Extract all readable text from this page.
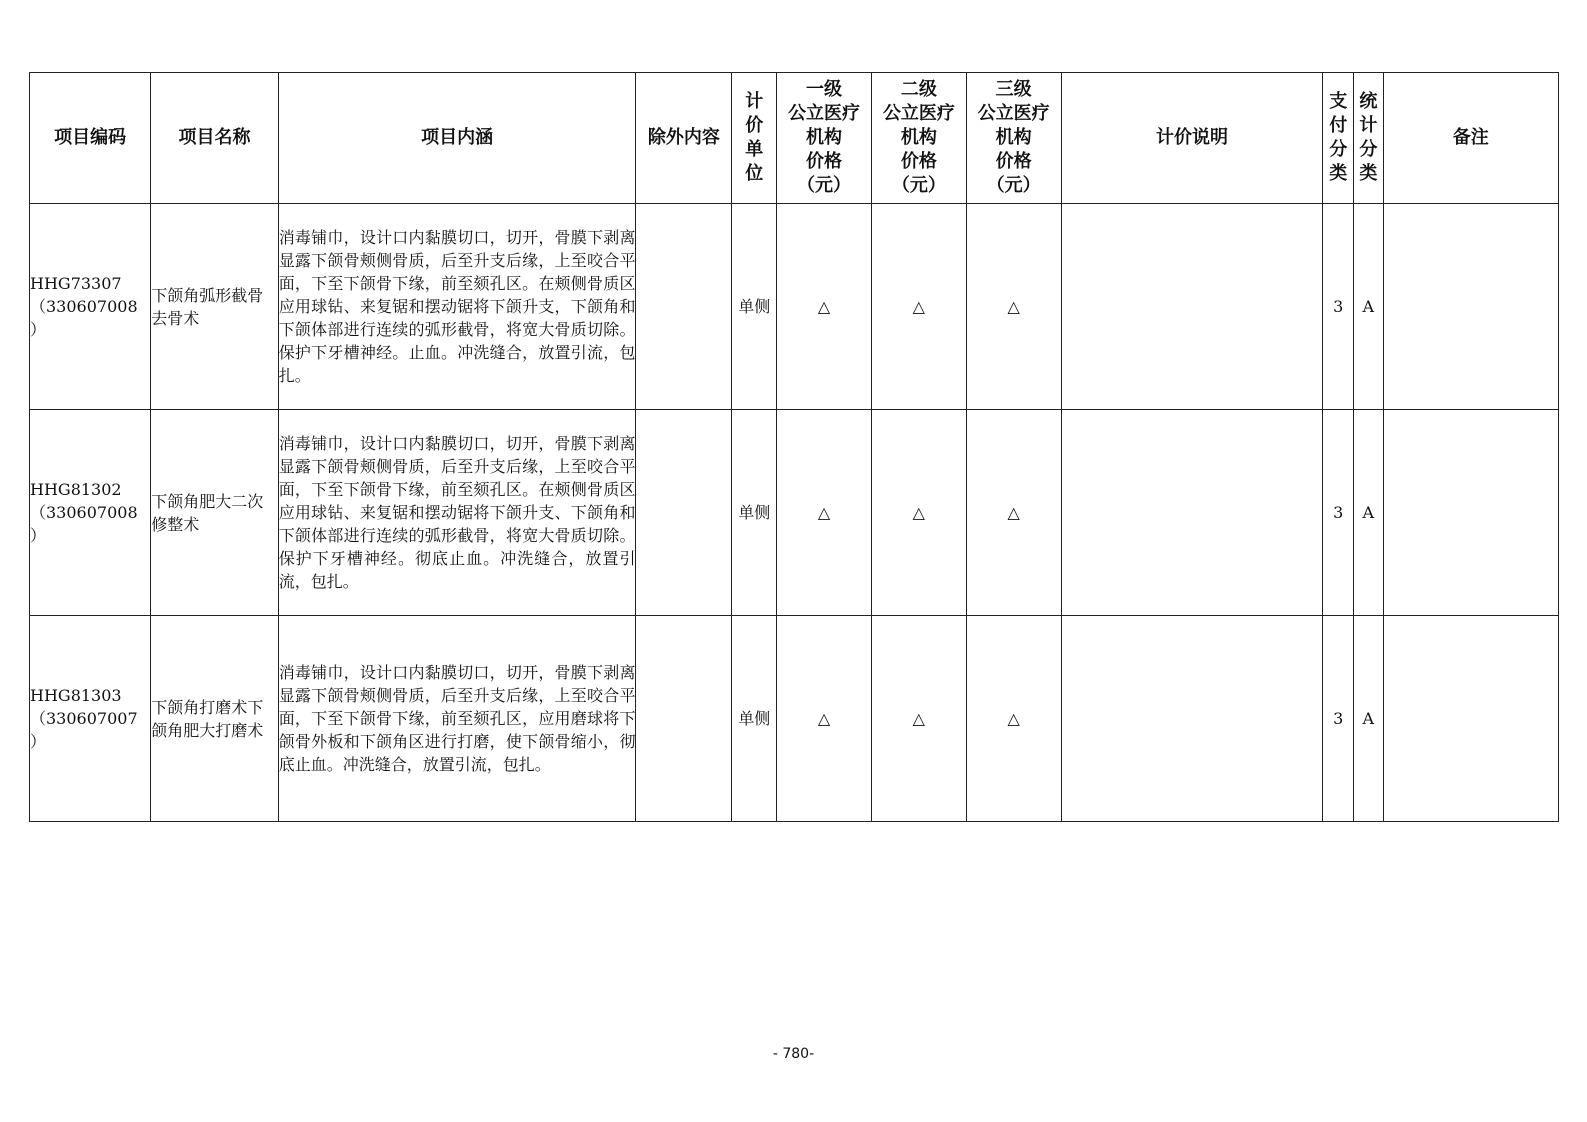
项目编码	项目名称	项目内涵	除外内容	计
价
单
位	一级
公立医疗
机构
价格
（元）	二级
公立医疗
机构
价格
（元）	三级
公立医疗
机构
价格
（元）	计价说明	支
付
分
类	统
计
分
类	备注
HHG73307
（330607008
）	下颌角弧形截骨去骨术	消毒铺巾，设计口内黏膜切口，切开，骨膜下剥离显露下颌骨颊侧骨质，后至升支后缘，上至咬合平面，下至下颌骨下缘，前至颏孔区。在颊侧骨质区应用球钻、来复锯和摆动锯将下颌升支，下颌角和下颌体部进行连续的弧形截骨，将宽大骨质切除。保护下牙槽神经。止血。冲洗缝合，放置引流，包扎。		单侧	△	△	△		3	A	
HHG81302
（330607008
）	下颌角肥大二次修整术	消毒铺巾，设计口内黏膜切口，切开，骨膜下剥离显露下颌骨颊侧骨质，后至升支后缘，上至咬合平面，下至下颌骨下缘，前至颏孔区。在颊侧骨质区应用球钻、来复锯和摆动锯将下颌升支、下颌角和下颌体部进行连续的弧形截骨，将宽大骨质切除。保护下牙槽神经。彻底止血。冲洗缝合，放置引流，包扎。		单侧	△	△	△		3	A	
HHG81303
（330607007
）	下颌角打磨术下颌角肥大打磨术	消毒铺巾，设计口内黏膜切口，切开，骨膜下剥离显露下颌骨颊侧骨质，后至升支后缘，上至咬合平面，下至下颌骨下缘，前至颏孔区，应用磨球将下颌骨外板和下颌角区进行打磨，使下颌骨缩小，彻底止血。冲洗缝合，放置引流，包扎。		单侧	△	△	△		3	A	
- 780-
